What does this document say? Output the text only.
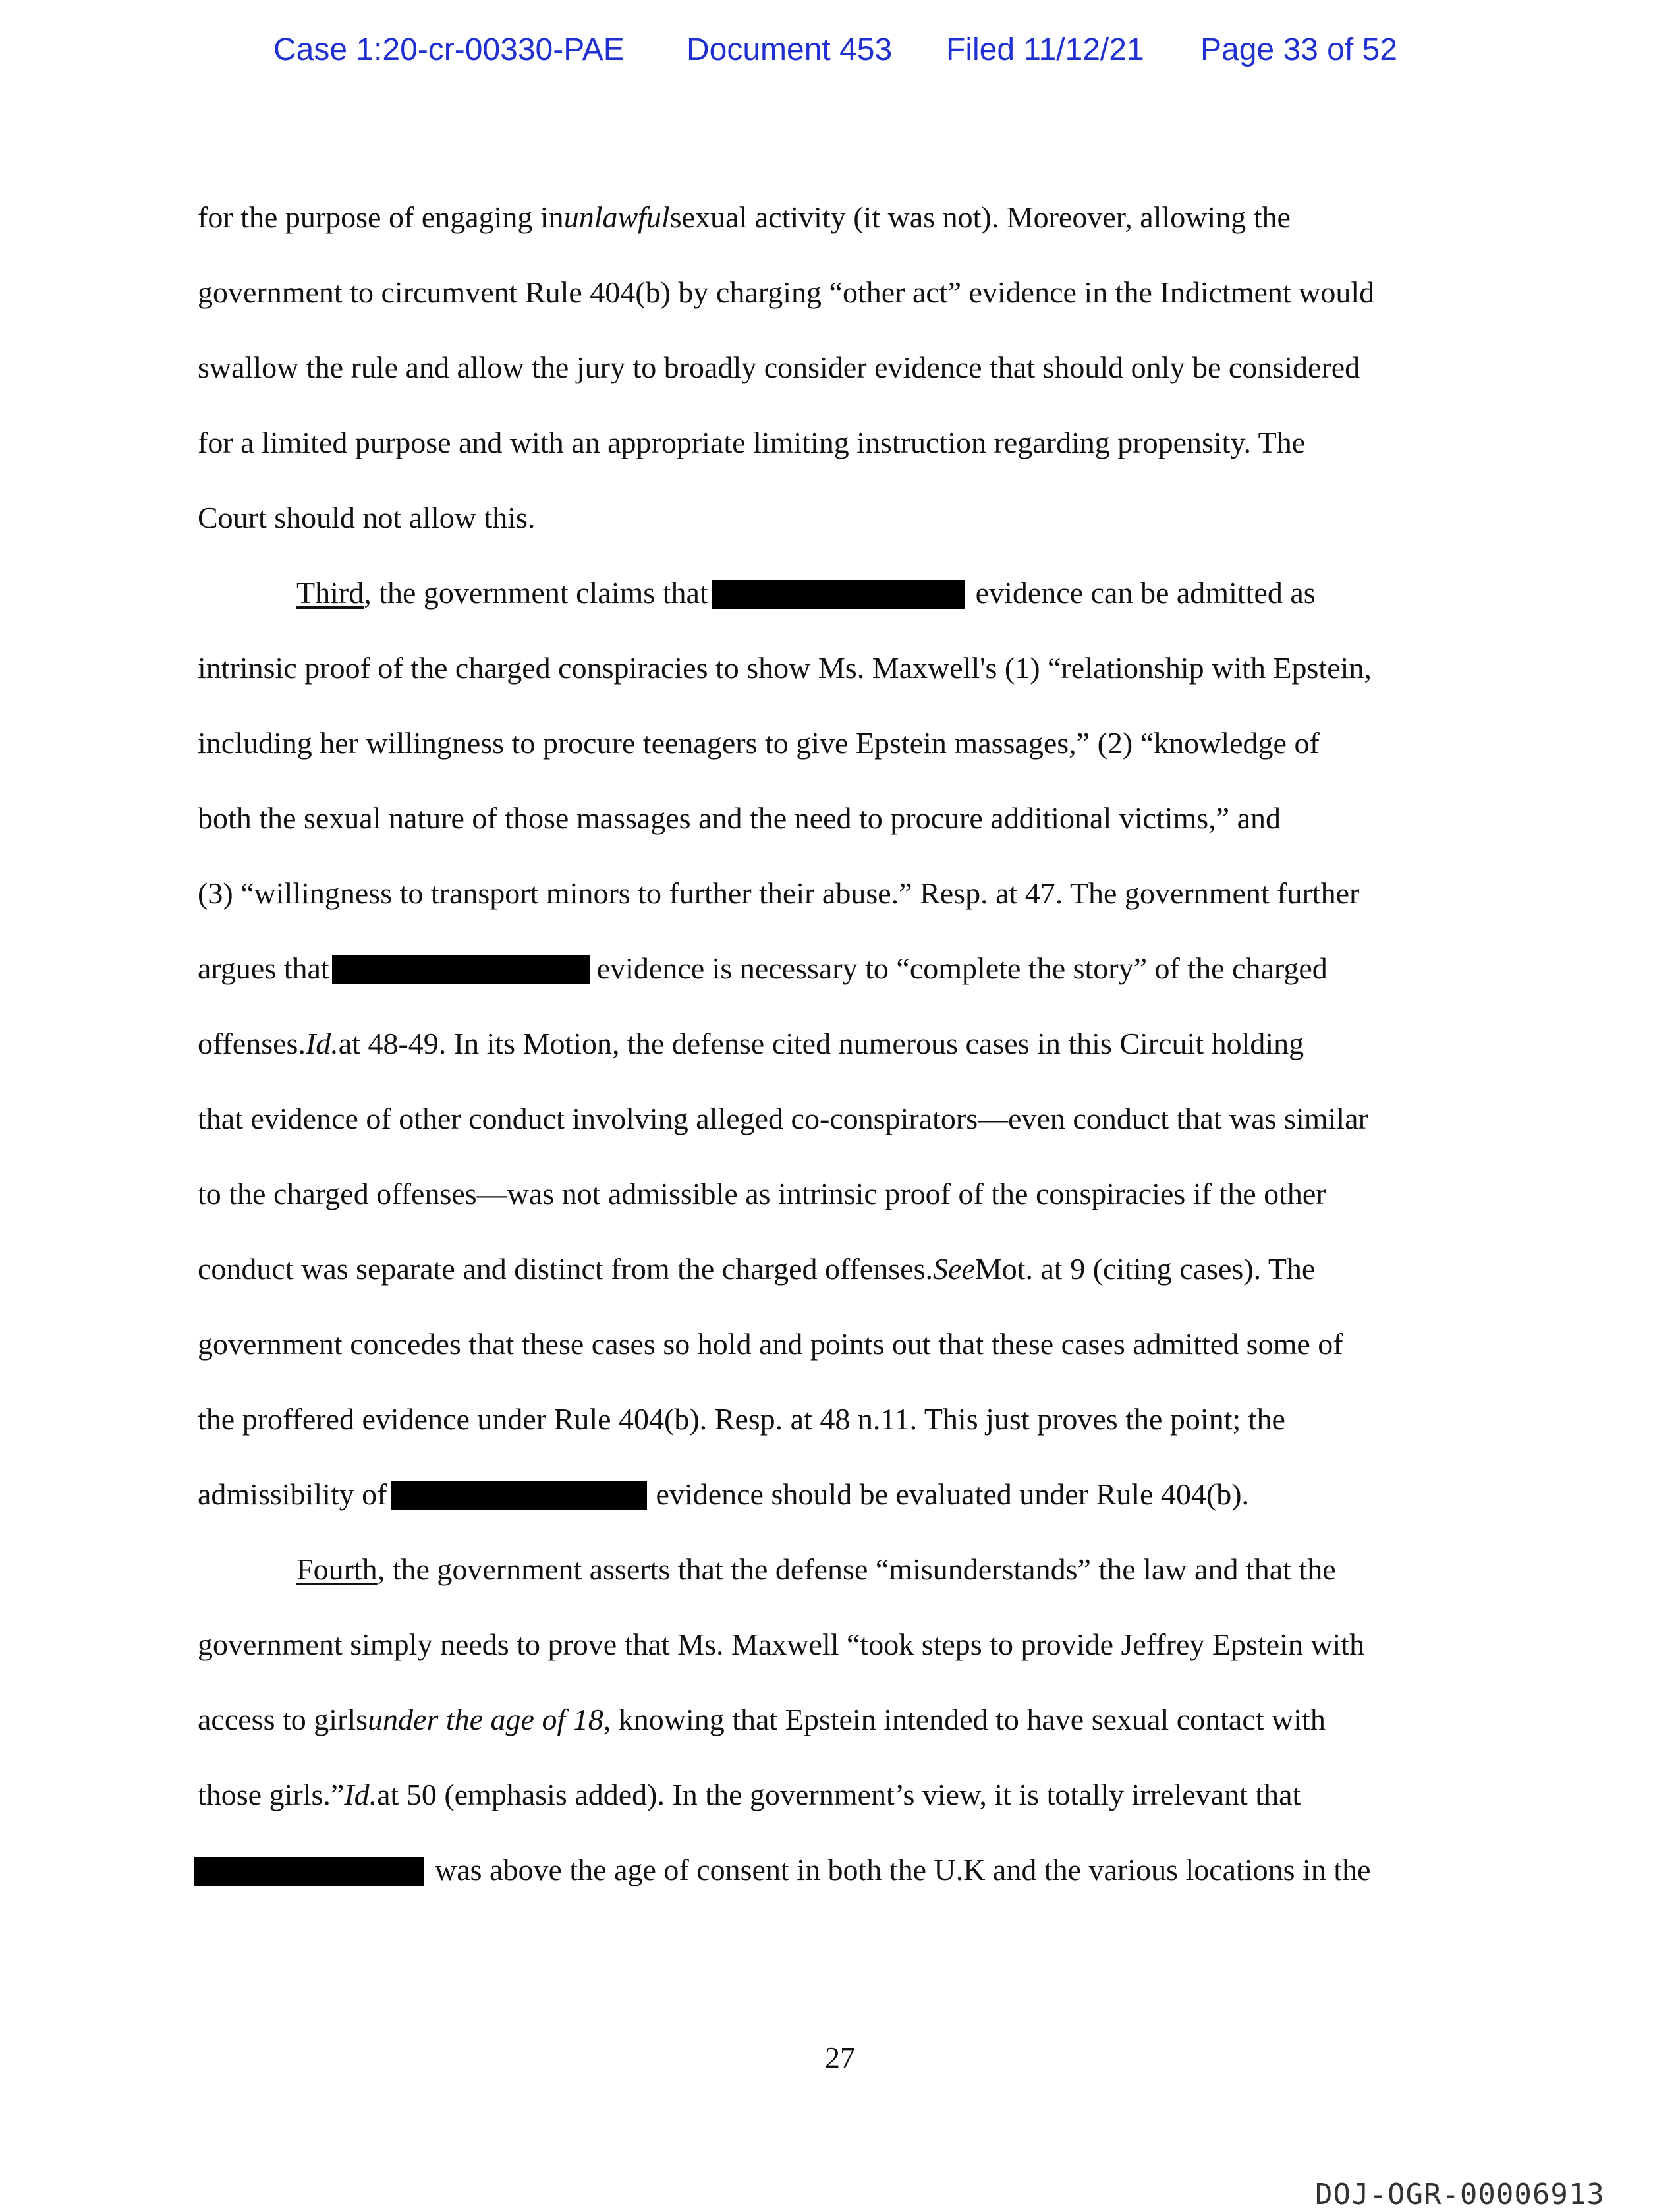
Case 1:20-cr-00330-PAE Document 453 Filed 11/12/21 Page 33 of 52
for the purpose of engaging inunlawfulsexual activity (it was not). Moreover, allowing the
government to circumvent Rule 404(b) by charging “other act” evidence in the Indictment would
swallow the rule and allow the jury to broadly consider evidence that should only be considered
for a limited purpose and with an appropriate limiting instruction regarding propensity. The
Court should not allow this.
Third, the government claims that	evidence can be admitted as
intrinsic proof of the charged conspiracies to show Ms. Maxwell's (1) “relationship with Epstein,
including her willingness to procure teenagers to give Epstein massages,” (2) “knowledge of
both the sexual nature of those massages and the need to procure additional victims,” and
(3) “willingness to transport minors to further their abuse.” Resp. at 47. The government further
argues that	evidence is necessary to “complete the story” of the charged
offenses.Id.at 48-49. In its Motion, the defense cited numerous cases in this Circuit holding
that evidence of other conduct involving alleged co-conspirators—even conduct that was similar
to the charged offenses—was not admissible as intrinsic proof of the conspiracies if the other
conduct was separate and distinct from the charged offenses.SeeMot. at 9 (citing cases). The
government concedes that these cases so hold and points out that these cases admitted some of
the proffered evidence under Rule 404(b). Resp. at 48 n.11. This just proves the point; the
admissibility of	evidence should be evaluated under Rule 404(b).
Fourth, the government asserts that the defense “misunderstands” the law and that the
government simply needs to prove that Ms. Maxwell “took steps to provide Jeffrey Epstein with
access to girlsunder the age of 18, knowing that Epstein intended to have sexual contact with
those girls.”Id.at 50 (emphasis added). In the government’s view, it is totally irrelevant that
was above the age of consent in both the U.K and the various locations in the
27
DOJ-OGR-00006913
